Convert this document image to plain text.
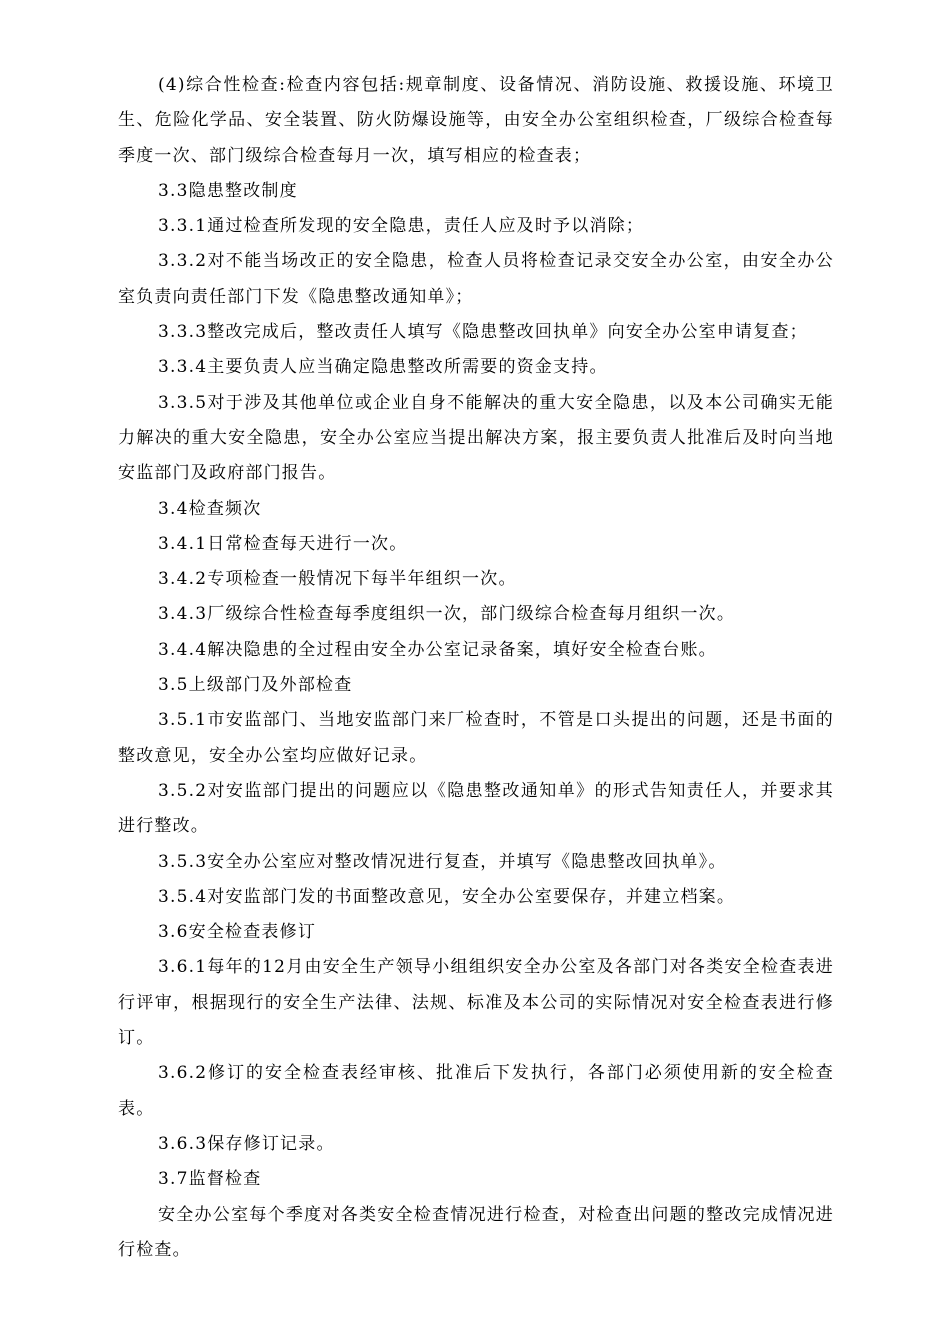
(4)综合性检查:检查内容包括:规章制度、设备情况、消防设施、救援设施、环境卫生、危险化学品、安全装置、防火防爆设施等，由安全办公室组织检查，厂级综合检查每季度一次、部门级综合检查每月一次，填写相应的检查表；

3.3隐患整改制度

3.3.1通过检查所发现的安全隐患，责任人应及时予以消除；

3.3.2对不能当场改正的安全隐患，检查人员将检查记录交安全办公室，由安全办公室负责向责任部门下发《隐患整改通知单》；

3.3.3整改完成后，整改责任人填写《隐患整改回执单》向安全办公室申请复查；

3.3.4主要负责人应当确定隐患整改所需要的资金支持。

3.3.5对于涉及其他单位或企业自身不能解决的重大安全隐患，以及本公司确实无能力解决的重大安全隐患，安全办公室应当提出解决方案，报主要负责人批准后及时向当地安监部门及政府部门报告。

3.4检查频次

3.4.1日常检查每天进行一次。

3.4.2专项检查一般情况下每半年组织一次。

3.4.3厂级综合性检查每季度组织一次，部门级综合检查每月组织一次。

3.4.4解决隐患的全过程由安全办公室记录备案，填好安全检查台账。

3.5上级部门及外部检查

3.5.1市安监部门、当地安监部门来厂检查时，不管是口头提出的问题，还是书面的整改意见，安全办公室均应做好记录。

3.5.2对安监部门提出的问题应以《隐患整改通知单》的形式告知责任人，并要求其进行整改。

3.5.3安全办公室应对整改情况进行复查，并填写《隐患整改回执单》。

3.5.4对安监部门发的书面整改意见，安全办公室要保存，并建立档案。

3.6安全检查表修订

3.6.1每年的12月由安全生产领导小组组织安全办公室及各部门对各类安全检查表进行评审，根据现行的安全生产法律、法规、标准及本公司的实际情况对安全检查表进行修订。

3.6.2修订的安全检查表经审核、批准后下发执行，各部门必须使用新的安全检查表。

3.6.3保存修订记录。

3.7监督检查

安全办公室每个季度对各类安全检查情况进行检查，对检查出问题的整改完成情况进行检查。
